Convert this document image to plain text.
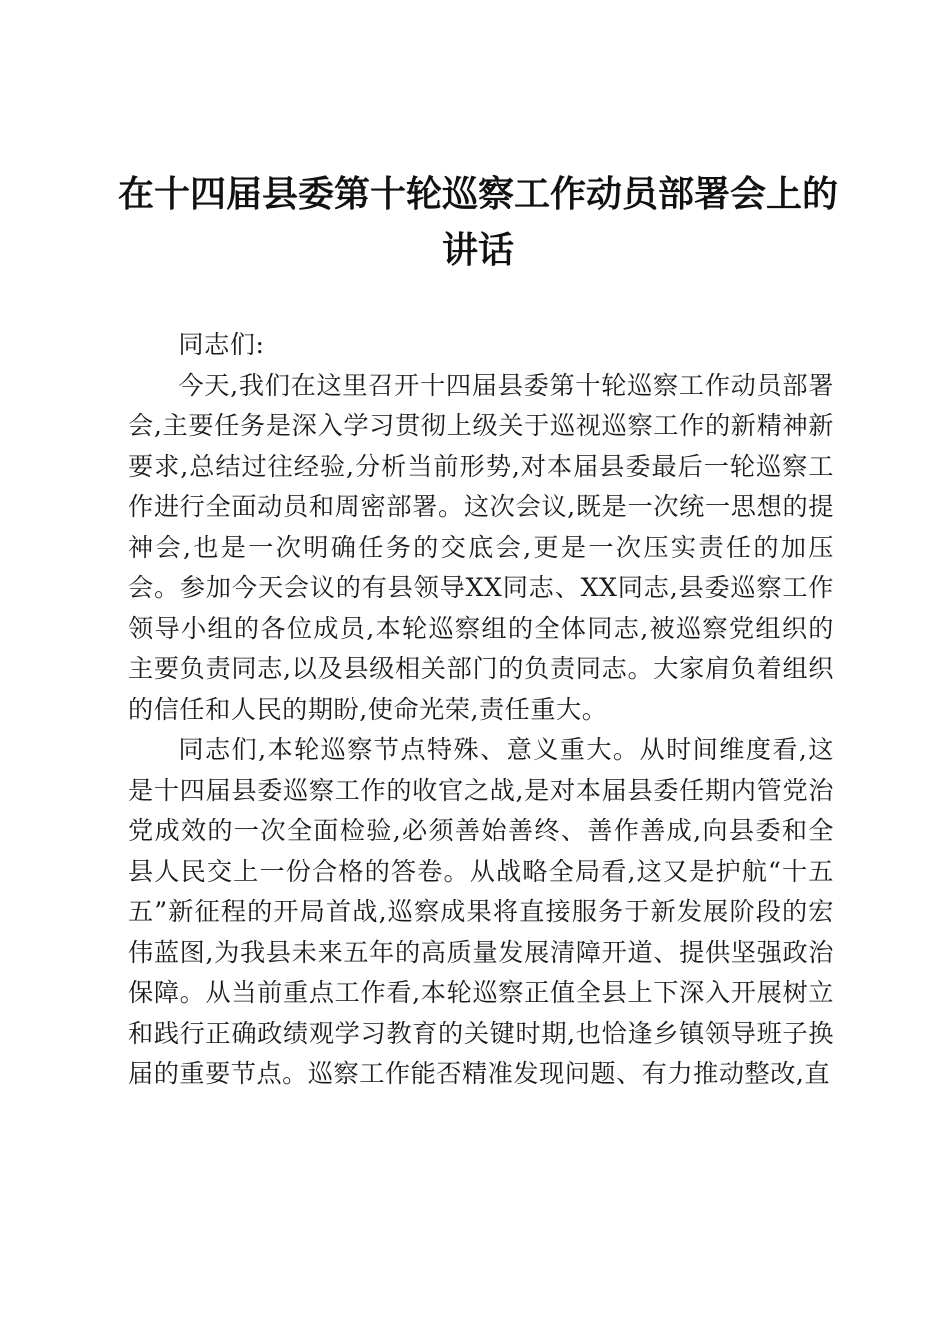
在十四届县委第十轮巡察工作动员部署会上的
讲话

同志们:

今天,我们在这里召开十四届县委第十轮巡察工作动员部署会,主要任务是深入学习贯彻上级关于巡视巡察工作的新精神新要求,总结过往经验,分析当前形势,对本届县委最后一轮巡察工作进行全面动员和周密部署。这次会议,既是一次统一思想的提神会,也是一次明确任务的交底会,更是一次压实责任的加压会。参加今天会议的有县领导XX同志、XX同志,县委巡察工作领导小组的各位成员,本轮巡察组的全体同志,被巡察党组织的主要负责同志,以及县级相关部门的负责同志。大家肩负着组织的信任和人民的期盼,使命光荣,责任重大。

同志们,本轮巡察节点特殊、意义重大。从时间维度看,这是十四届县委巡察工作的收官之战,是对本届县委任期内管党治党成效的一次全面检验,必须善始善终、善作善成,向县委和全县人民交上一份合格的答卷。从战略全局看,这又是护航“十五五”新征程的开局首战,巡察成果将直接服务于新发展阶段的宏伟蓝图,为我县未来五年的高质量发展清障开道、提供坚强政治保障。从当前重点工作看,本轮巡察正值全县上下深入开展树立和践行正确政绩观学习教育的关键时期,也恰逢乡镇领导班子换届的重要节点。巡察工作能否精准发现问题、有力推动整改,直
